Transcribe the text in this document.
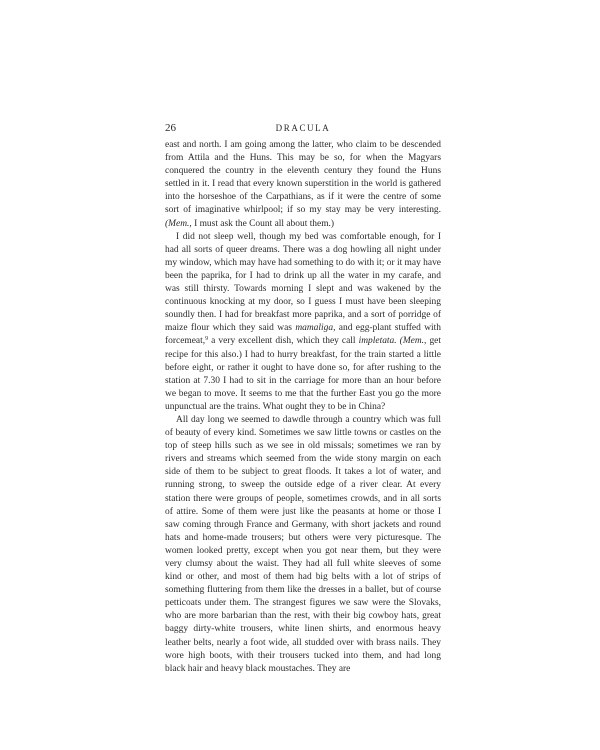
26	DRACULA

east and north. I am going among the latter, who claim to be descended from Attila and the Huns. This may be so, for when the Magyars conquered the country in the eleventh century they found the Huns settled in it. I read that every known superstition in the world is gathered into the horseshoe of the Carpathians, as if it were the centre of some sort of imaginative whirlpool; if so my stay may be very interesting. (Mem., I must ask the Count all about them.)

I did not sleep well, though my bed was comfortable enough, for I had all sorts of queer dreams. There was a dog howling all night under my window, which may have had something to do with it; or it may have been the paprika, for I had to drink up all the water in my carafe, and was still thirsty. Towards morning I slept and was wakened by the continuous knocking at my door, so I guess I must have been sleeping soundly then. I had for breakfast more paprika, and a sort of porridge of maize flour which they said was mamaliga, and egg-plant stuffed with forcemeat,$^9$ a very excellent dish, which they call impletata. (Mem., get recipe for this also.) I had to hurry breakfast, for the train started a little before eight, or rather it ought to have done so, for after rushing to the station at 7.30 I had to sit in the carriage for more than an hour before we began to move. It seems to me that the further East you go the more unpunctual are the trains. What ought they to be in China?

All day long we seemed to dawdle through a country which was full of beauty of every kind. Sometimes we saw little towns or castles on the top of steep hills such as we see in old missals; sometimes we ran by rivers and streams which seemed from the wide stony margin on each side of them to be subject to great floods. It takes a lot of water, and running strong, to sweep the outside edge of a river clear. At every station there were groups of people, sometimes crowds, and in all sorts of attire. Some of them were just like the peasants at home or those I saw coming through France and Germany, with short jackets and round hats and home-made trousers; but others were very picturesque. The women looked pretty, except when you got near them, but they were very clumsy about the waist. They had all full white sleeves of some kind or other, and most of them had big belts with a lot of strips of something fluttering from them like the dresses in a ballet, but of course petticoats under them. The strangest figures we saw were the Slovaks, who are more barbarian than the rest, with their big cowboy hats, great baggy dirty-white trousers, white linen shirts, and enormous heavy leather belts, nearly a foot wide, all studded over with brass nails. They wore high boots, with their trousers tucked into them, and had long black hair and heavy black moustaches. They are
